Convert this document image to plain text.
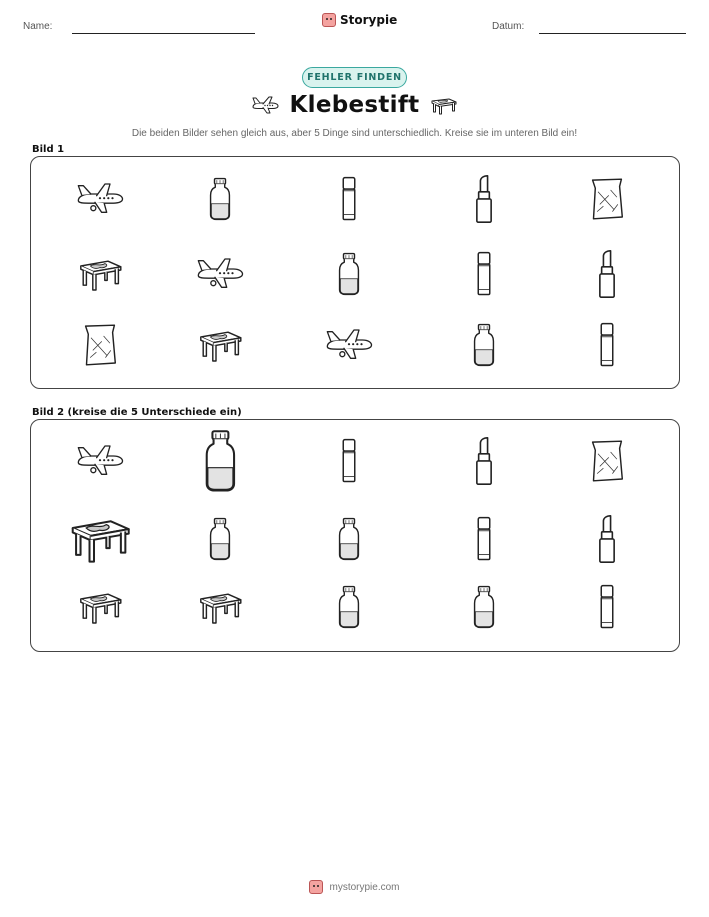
Name:	Storypie	Datum:
FEHLER FINDEN
Klebestift
Die beiden Bilder sehen gleich aus, aber 5 Dinge sind unterschiedlich. Kreise sie im unteren Bild ein!
Bild 1
Bild 2 (kreise die 5 Unterschiede ein)
mystorypie.com
